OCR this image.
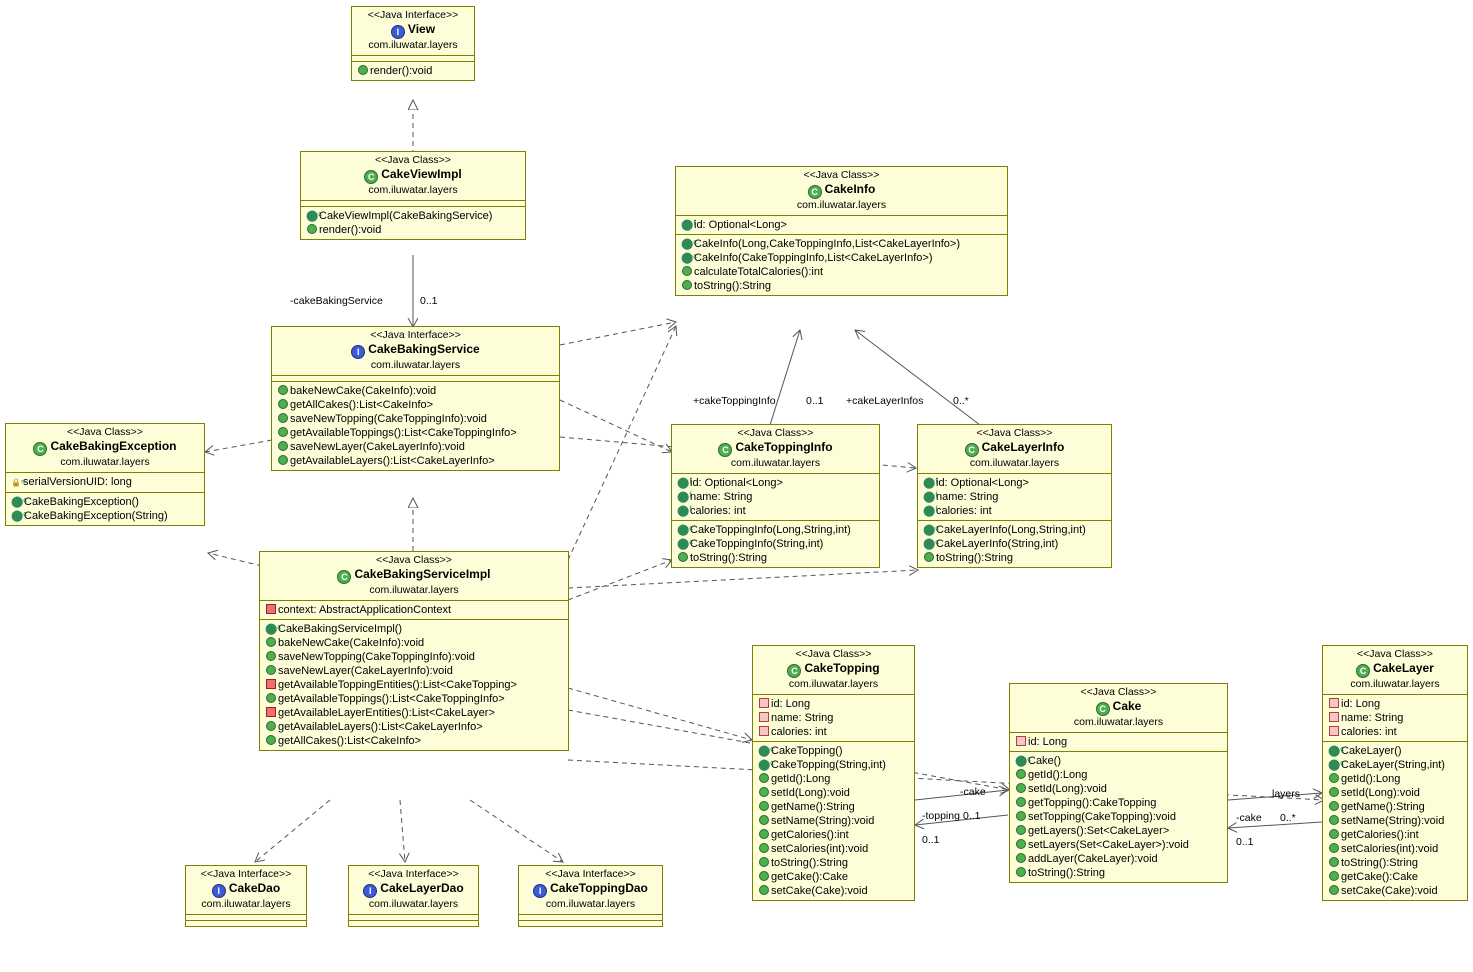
<<Java Interface>>
I View
com.iluwatar.layers
render():void
<<Java Class>>
C CakeViewImpl
com.iluwatar.layers
⬤ᶜCakeViewImpl(CakeBakingService)
render():void
<<Java Class>>
C CakeInfo
com.iluwatar.layers
⬤ᶠid: Optional<Long>
⬤ᶜCakeInfo(Long,CakeToppingInfo,List<CakeLayerInfo>)
⬤ᶜCakeInfo(CakeToppingInfo,List<CakeLayerInfo>)
calculateTotalCalories():int
toString():String
<<Java Interface>>
I CakeBakingService
com.iluwatar.layers
bakeNewCake(CakeInfo):void
getAllCakes():List<CakeInfo>
saveNewTopping(CakeToppingInfo):void
getAvailableToppings():List<CakeToppingInfo>
saveNewLayer(CakeLayerInfo):void
getAvailableLayers():List<CakeLayerInfo>
<<Java Class>>
C CakeBakingException
com.iluwatar.layers
🔒ˢᶠserialVersionUID: long
⬤ᶜCakeBakingException()
⬤ᶜCakeBakingException(String)
<<Java Class>>
C CakeToppingInfo
com.iluwatar.layers
⬤ᶠid: Optional<Long>
⬤ᶠname: String
⬤ᶠcalories: int
⬤ᶜCakeToppingInfo(Long,String,int)
⬤ᶜCakeToppingInfo(String,int)
toString():String
<<Java Class>>
C CakeLayerInfo
com.iluwatar.layers
⬤ᶠid: Optional<Long>
⬤ᶠname: String
⬤ᶠcalories: int
⬤ᶜCakeLayerInfo(Long,String,int)
⬤ᶜCakeLayerInfo(String,int)
toString():String
<<Java Class>>
C CakeBakingServiceImpl
com.iluwatar.layers
context: AbstractApplicationContext
⬤ᶜCakeBakingServiceImpl()
bakeNewCake(CakeInfo):void
saveNewTopping(CakeToppingInfo):void
saveNewLayer(CakeLayerInfo):void
getAvailableToppingEntities():List<CakeTopping>
getAvailableToppings():List<CakeToppingInfo>
getAvailableLayerEntities():List<CakeLayer>
getAvailableLayers():List<CakeLayerInfo>
getAllCakes():List<CakeInfo>
<<Java Interface>>
I CakeDao
com.iluwatar.layers
<<Java Interface>>
I CakeLayerDao
com.iluwatar.layers
<<Java Interface>>
I CakeToppingDao
com.iluwatar.layers
<<Java Class>>
C CakeTopping
com.iluwatar.layers
id: Long
name: String
calories: int
⬤ᶜCakeTopping()
⬤ᶜCakeTopping(String,int)
getId():Long
setId(Long):void
getName():String
setName(String):void
getCalories():int
setCalories(int):void
toString():String
getCake():Cake
setCake(Cake):void
<<Java Class>>
C Cake
com.iluwatar.layers
id: Long
⬤ᶜCake()
getId():Long
setId(Long):void
getTopping():CakeTopping
setTopping(CakeTopping):void
getLayers():Set<CakeLayer>
setLayers(Set<CakeLayer>):void
addLayer(CakeLayer):void
toString():String
<<Java Class>>
C CakeLayer
com.iluwatar.layers
id: Long
name: String
calories: int
⬤ᶜCakeLayer()
⬤ᶜCakeLayer(String,int)
getId():Long
setId(Long):void
getName():String
setName(String):void
getCalories():int
setCalories(int):void
toString():String
getCake():Cake
setCake(Cake):void
-cakeBakingService	0..1
+cakeToppingInfo	0..1 +cakeLayerInfos	0..*
-cake
-topping 0..1
0..1
layers
-cake 0..*
0..1
